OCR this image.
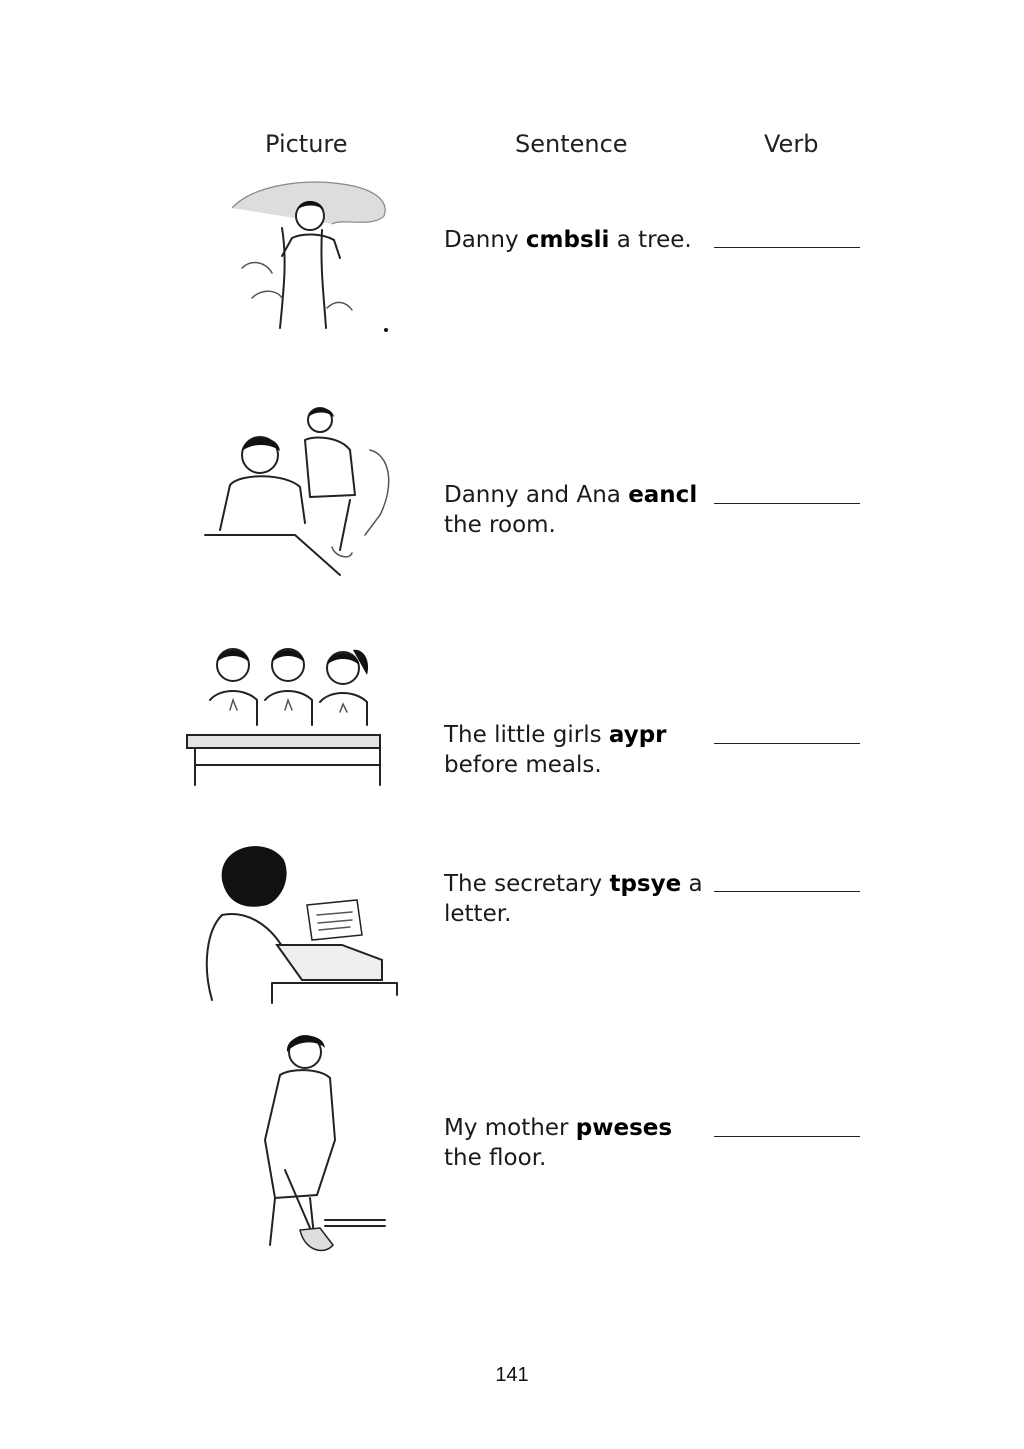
Picture	Sentence	Verb
Danny cmbsli a tree.
Danny and Ana eancl the room.
The little girls aypr before meals.
The secretary tpsye a letter.
My mother pweses the floor.
141
